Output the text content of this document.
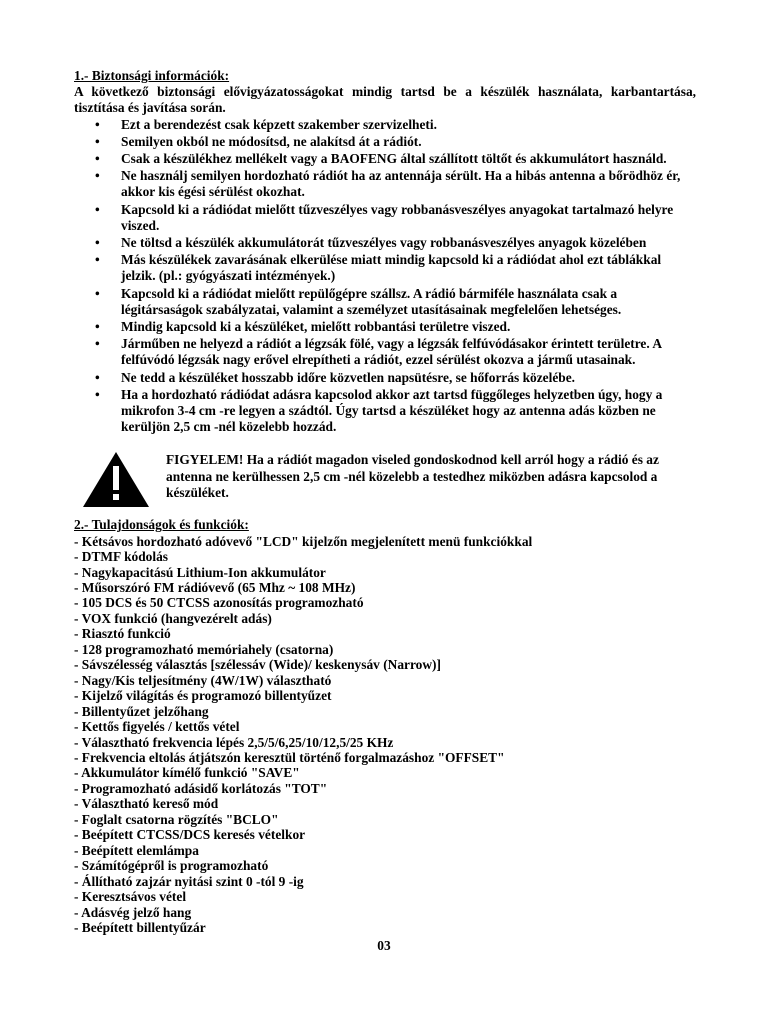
1.- Biztonsági információk:

A következő biztonsági elővigyázatosságokat mindig tartsd be a készülék használata, karbantartása, tisztítása és javítása során.

• Ezt a berendezést csak képzett szakember szervizelheti.
• Semilyen okból ne módosítsd, ne alakítsd át a rádiót.
• Csak a készülékhez mellékelt vagy a BAOFENG által szállított töltőt és akkumulátort használd.
• Ne használj semilyen hordozható rádiót ha az antennája sérült. Ha a hibás antenna a bőrödhöz ér, akkor kis égési sérülést okozhat.
• Kapcsold ki a rádiódat mielőtt tűzveszélyes vagy robbanásveszélyes anyagokat tartalmazó helyre viszed.
• Ne töltsd a készülék akkumulátorát tűzveszélyes vagy robbanásveszélyes anyagok közelében
• Más készülékek zavarásának elkerülése miatt mindig kapcsold ki a rádiódat ahol ezt táblákkal jelzik. (pl.: gyógyászati intézmények.)
• Kapcsold ki a rádiódat mielőtt repülőgépre szállsz. A rádió bármiféle használata csak a légitársaságok szabályzatai, valamint a személyzet utasításainak megfelelően lehetséges.
• Mindig kapcsold ki a készüléket, mielőtt robbantási területre viszed.
• Járműben ne helyezd a rádiót a légzsák fölé, vagy a légzsák felfúvódásakor érintett területre. A felfúvódó légzsák nagy erővel elrepítheti a rádiót, ezzel sérülést okozva a jármű utasainak.
• Ne tedd a készüléket hosszabb időre közvetlen napsütésre, se hőforrás közelébe.
• Ha a hordozható rádiódat adásra kapcsolod akkor azt tartsd függőleges helyzetben úgy, hogy a mikrofon 3-4 cm -re legyen a szádtól. Úgy tartsd a készüléket hogy az antenna adás közben ne kerüljön 2,5 cm -nél közelebb hozzád.
FIGYELEM! Ha a rádiót magadon viseled gondoskodnod kell arról hogy a rádió és az antenna ne kerülhessen 2,5 cm -nél közelebb a testedhez miközben adásra kapcsolod a készüléket.

2.- Tulajdonságok és funkciók:

- Kétsávos hordozható adóvevő "LCD" kijelzőn megjelenített menü funkciókkal
- DTMF kódolás
- Nagykapacitású Lithium-Ion akkumulátor
- Műsorszóró FM rádióvevő (65 Mhz ~ 108 MHz)
- 105 DCS és 50 CTCSS azonosítás programozható
- VOX funkció (hangvezérelt adás)
- Riasztó funkció
- 128 programozható memóriahely (csatorna)
- Sávszélesség választás [szélessáv (Wide)/ keskenysáv (Narrow)]
- Nagy/Kis teljesítmény (4W/1W) választható
- Kijelző világítás és programozó billentyűzet
- Billentyűzet jelzőhang
- Kettős figyelés / kettős vétel
- Választható frekvencia lépés 2,5/5/6,25/10/12,5/25 KHz
- Frekvencia eltolás átjátszón keresztül történő forgalmazáshoz "OFFSET"
- Akkumulátor kímélő funkció "SAVE"
- Programozható adásidő korlátozás "TOT"
- Választható kereső mód
- Foglalt csatorna rögzítés "BCLO"
- Beépített CTCSS/DCS keresés vételkor
- Beépített elemlámpa
- Számítógépről is programozható
- Állítható zajzár nyitási szint 0 -tól 9 -ig
- Keresztsávos vétel
- Adásvég jelző hang
- Beépített billentyűzár
03
